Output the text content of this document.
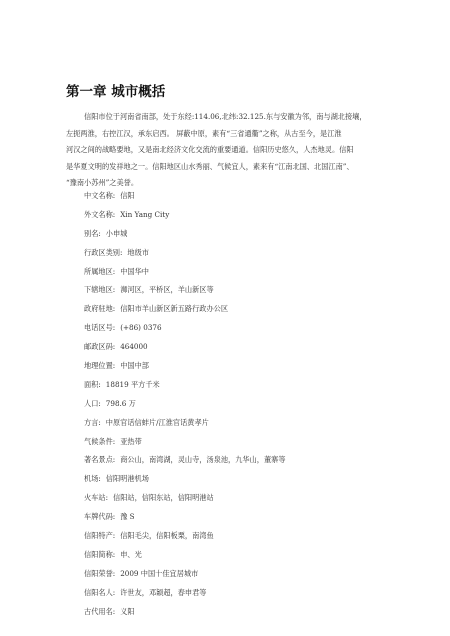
第一章 城市概括
信阳市位于河南省南部，处于东经:114.06,北纬:32.125.东与安徽为邻，南与湖北接壤，
左扼两淮，右控江汉，承东启西。 屏蔽中原，素有“三省通衢”之称，从古至今，是江淮
河汉之间的战略要地，又是南北经济文化交流的重要通道。信阳历史悠久，人杰地灵。信阳
是华夏文明的发祥地之一。信阳地区山水秀丽、气候宜人，素来有“江南北国、北国江南”、
“豫南小苏州”之美誉。
中文名称: 信阳
外文名称: Xin Yang City
别名: 小申城
行政区类别: 地级市
所属地区: 中国华中
下辖地区: 浉河区，平桥区，羊山新区等
政府驻地: 信阳市羊山新区新五路行政办公区
电话区号: (+86) 0376
邮政区码: 464000
地理位置: 中国中部
面积: 18819 平方千米
人口: 798.6 万
方言: 中原官话信蚌片/江淮官话黄孝片
气候条件: 亚热带
著名景点: 商公山，南湾湖，灵山寺，汤泉池，九华山，董寨等
机场: 信阳明港机场
火车站: 信阳站，信阳东站，信阳明港站
车牌代码: 豫 S
信阳特产: 信阳毛尖，信阳板栗，南湾鱼
信阳简称: 申、光
信阳荣誉: 2009 中国十佳宜居城市
信阳名人: 许世友，邓颖超，春申君等
古代用名: 义阳
